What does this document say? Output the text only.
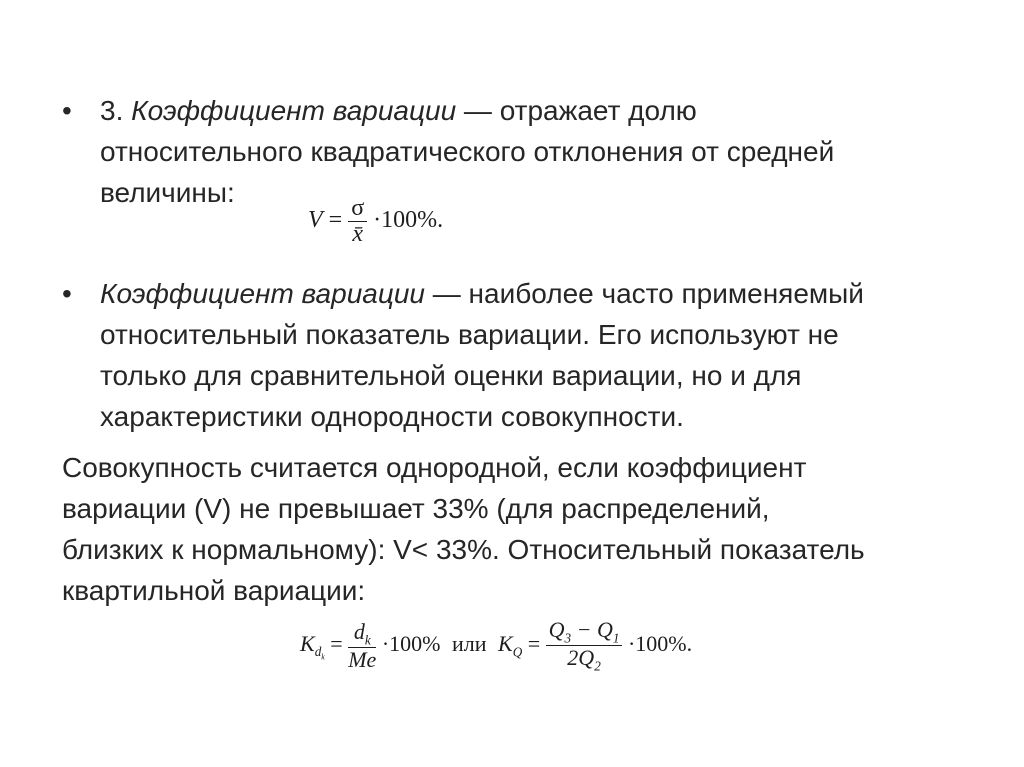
•	3. Коэффициент вариации — отражает долю
относительного квадратического отклонения от средней
величины:
$V = \frac{\sigma}{x̄} \cdot 100\%$.
•	Коэффициент вариации — наиболее часто применяемый
относительный показатель вариации. Его используют не
только для сравнительной оценки вариации, но и для
характеристики однородности совокупности.
Совокупность считается однородной, если коэффициент
вариации (V) не превышает 33% (для распределений,
близких к нормальному): V< 33%. Относительный показатель
квартильной вариации:
$K_{d_k} = \frac{d_k}{Me} \cdot 100\%$ или $K_Q = \frac{Q_3 - Q_1}{2Q_2} \cdot 100\%$.
